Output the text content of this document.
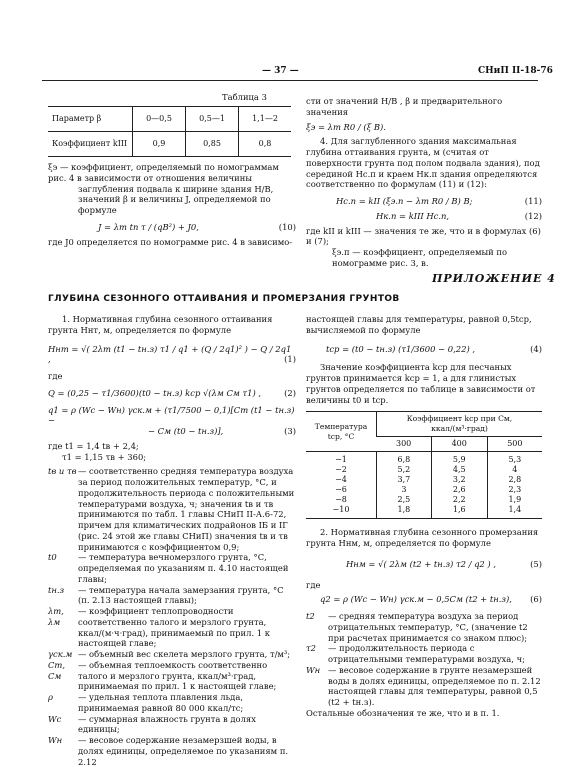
— 37 —	СНиП II-18-76
Таблица 3
Параметр β	0—0,5	0,5—1	1,1—2
Коэффициент kIII	0,9	0,85	0,8

ξэ — коэффициент, определяемый по номограммам рис. 4 в зависимости от отношения величины

заглубления подвала к ширине здания H/B,

значений β и величины J, определяемой по формуле

J = λт tп τ / (qB²) + J0,	(10)

где J0 определяется по номограмме рис. 4 в зависимо-

сти от значений H/B , β и предварительного значения

ξэ = λт R0 / (ξ B).

4. Для заглубленного здания максимальная глубина оттаивания грунта, м (считая от поверхности грунта под полом подвала здания), под серединой Hс.п и краем Hк.п здания определяются соответственно по формулам (11) и (12):

Hс.п = kII (ξэ.п − λт R0 / B) B;	(11)
Hк.п = kIII Hс.п,	(12)

где kII и kIII — значения те же, что и в формулах (6) и (7);

ξэ.п — коэффициент, определяемый по номограмме рис. 3, в.

ПРИЛОЖЕНИЕ 4
ГЛУБИНА СЕЗОННОГО ОТТАИВАНИЯ И ПРОМЕРЗАНИЯ ГРУНТОВ

1. Нормативная глубина сезонного оттаивания грунта Hнт, м, определяется по формуле

Hнт = √( 2λт (t1 − tн.з) τ1 / q1 + (Q / 2q1)² ) − Q / 2q1 ,	(1)

где

Q = (0,25 − τ1/3600)(t0 − tн.з) kср √(λм Cм τ1) ,	(2)
q1 = ρ (Wc − Wн) γск.м + (τ1/7500 − 0,1)[Cт (t1 − tн.з) −
− Cм (t0 − tн.з)],	(3)

где t1 = 1,4 tв + 2,4;

τ1 = 1,15 τв + 360;

tв и τв — соответственно средняя температура воздуха за период положительных температур, °С, и продолжительность периода с положительными температурами воздуха, ч; значения tв и τв принимаются по табл. 1 главы СНиП II-А.6-72, причем для климатических подрайонов IБ и IГ (рис. 24 этой же главы СНиП) значения tв и τв принимаются с коэффициентом 0,9;
t0	— температура вечномерзлого грунта, °С, определяемая по указаниям п. 4.10 настоящей главы;
tн.з	— температура начала замерзания грунта, °С (п. 2.13 настоящей главы);
λт, λм
— коэффициент теплопроводности соответственно талого и мерзлого грунта, ккал/(м·ч·град), принимаемый по прил. 1 к настоящей главе;
γск.м — объемный вес скелета мерзлого грунта, т/м³;
Cт, Cм
— объемная теплоемкость соответственно талого и мерзлого грунта, ккал/м³·град, принимаемая по прил. 1 к настоящей главе;
ρ	— удельная теплота плавления льда, принимаемая равной 80 000 ккал/тс;
Wc	— суммарная влажность грунта в долях единицы;
Wн	— весовое содержание незамерзшей воды, в долях единицы, определяемое по указаниям п. 2.12

настоящей главы для температуры, равной 0,5tср, вычисляемой по формуле

tср = (t0 − tн.з) (τ1/3600 − 0,22) ,	(4)

Значение коэффициента kср для песчаных грунтов принимается kср = 1, а для глинистых грунтов определяется по таблице в зависимости от величины t0 и tср.

Температура tср, °С	Коэффициент kср при Cм, ккал/(м³·град)		
	300	400	500
−1	6,8	5,9	5,3
−2	5,2	4,5	4
−4	3,7	3,2	2,8
−6	3	2,6	2,3
−8	2,5	2,2	1,9
−10	1,8	1,6	1,4

2. Нормативная глубина сезонного промерзания грунта Hнм, м, определяется по формуле

Hнм = √( 2λм (t2 + tн.з) τ2 / q2 ) ,	(5)

где

q2 = ρ (Wc − Wн) γск.м − 0,5Cм (t2 + tн.з), (6)
t2	— средняя температура воздуха за период отрицательных температур, °С, (значение t2 при расчетах принимается со знаком плюс);
τ2	— продолжительность периода с отрицательными температурами воздуха, ч;
Wн — весовое содержание в грунте незамерзшей воды в долях единицы, определяемое по п. 2.12 настоящей главы для температуры, равной 0,5 (t2 + tн.з).

Остальные обозначения те же, что и в п. 1.
